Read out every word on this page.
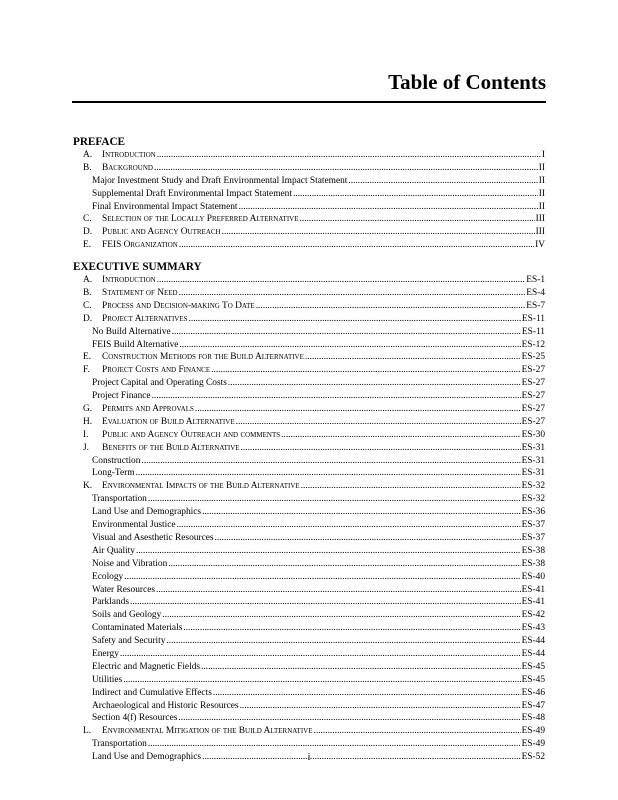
Table of Contents
PREFACE
A.	Introduction .....	I
B.	Background .....	II
Major Investment Study and Draft Environmental Impact Statement .....	II
Supplemental Draft Environmental Impact Statement .....	II
Final Environmental Impact Statement .....	II
C.	Selection of the Locally Preferred Alternative .....	III
D.	Public and Agency Outreach .....	III
E.	FEIS Organization .....	IV
EXECUTIVE SUMMARY
A.	Introduction .....	ES-1
B.	Statement of Need .....	ES-4
C.	Process and Decision-making To Date .....	ES-7
D.	Project Alternatives .....	ES-11
No Build Alternative .....	ES-11
FEIS Build Alternative .....	ES-12
E.	Construction Methods for the Build Alternative .....	ES-25
F.	Project Costs and Finance .....	ES-27
Project Capital and Operating Costs .....	ES-27
Project Finance .....	ES-27
G.	Permits and Approvals .....	ES-27
H.	Evaluation of Build Alternative .....	ES-27
I.	Public and Agency Outreach and comments .....	ES-30
J.	Benefits of the Build Alternative .....	ES-31
Construction .....	ES-31
Long-Term .....	ES-31
K.	Environmental Impacts of the Build Alternative .....	ES-32
Transportation .....	ES-32
Land Use and Demographics .....	ES-36
Environmental Justice .....	ES-37
Visual and Asesthetic Resources .....	ES-37
Air Quality .....	ES-38
Noise and Vibration .....	ES-38
Ecology .....	ES-40
Water Resources .....	ES-41
Parklands .....	ES-41
Soils and Geology .....	ES-42
Contaminated Materials .....	ES-43
Safety and Security .....	ES-44
Energy .....	ES-44
Electric and Magnetic Fields .....	ES-45
Utilities .....	ES-45
Indirect and Cumulative Effects .....	ES-46
Archaeological and Historic Resources .....	ES-47
Section 4(f) Resources .....	ES-48
L.	Environmental Mitigation of the Build Alternative .....	ES-49
Transportation .....	ES-49
Land Use and Demographics .....	ES-52
i
